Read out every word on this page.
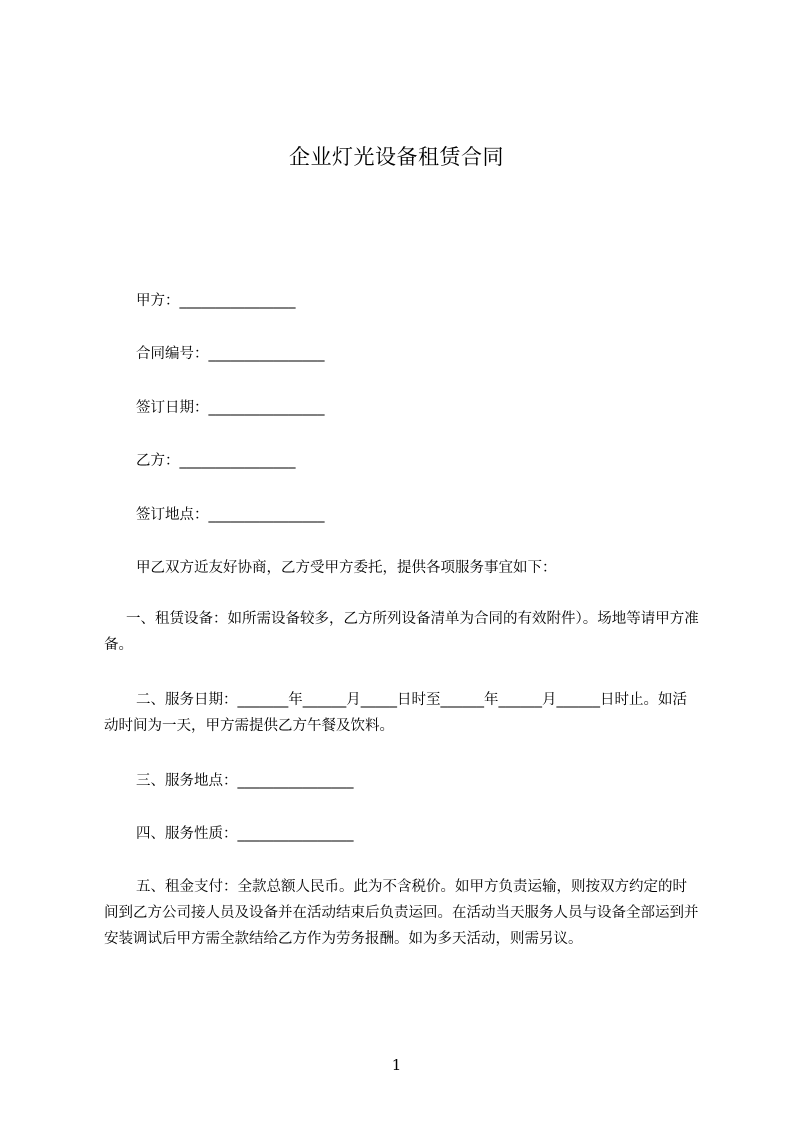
企业灯光设备租赁合同
甲方：________________
合同编号：________________
签订日期：________________
乙方：________________
签订地点：________________
甲乙双方近友好协商，乙方受甲方委托，提供各项服务事宜如下：
一、租赁设备：如所需设备较多，乙方所列设备清单为合同的有效附件）。场地等请甲方准备。
二、服务日期：_______年______月_____日时至______年______月______日时止。如活动时间为一天，甲方需提供乙方午餐及饮料。
三、服务地点：________________
四、服务性质：________________
五、租金支付：全款总额人民币。此为不含税价。如甲方负责运输，则按双方约定的时间到乙方公司接人员及设备并在活动结束后负责运回。在活动当天服务人员与设备全部运到并安装调试后甲方需全款结给乙方作为劳务报酬。如为多天活动，则需另议。
1
